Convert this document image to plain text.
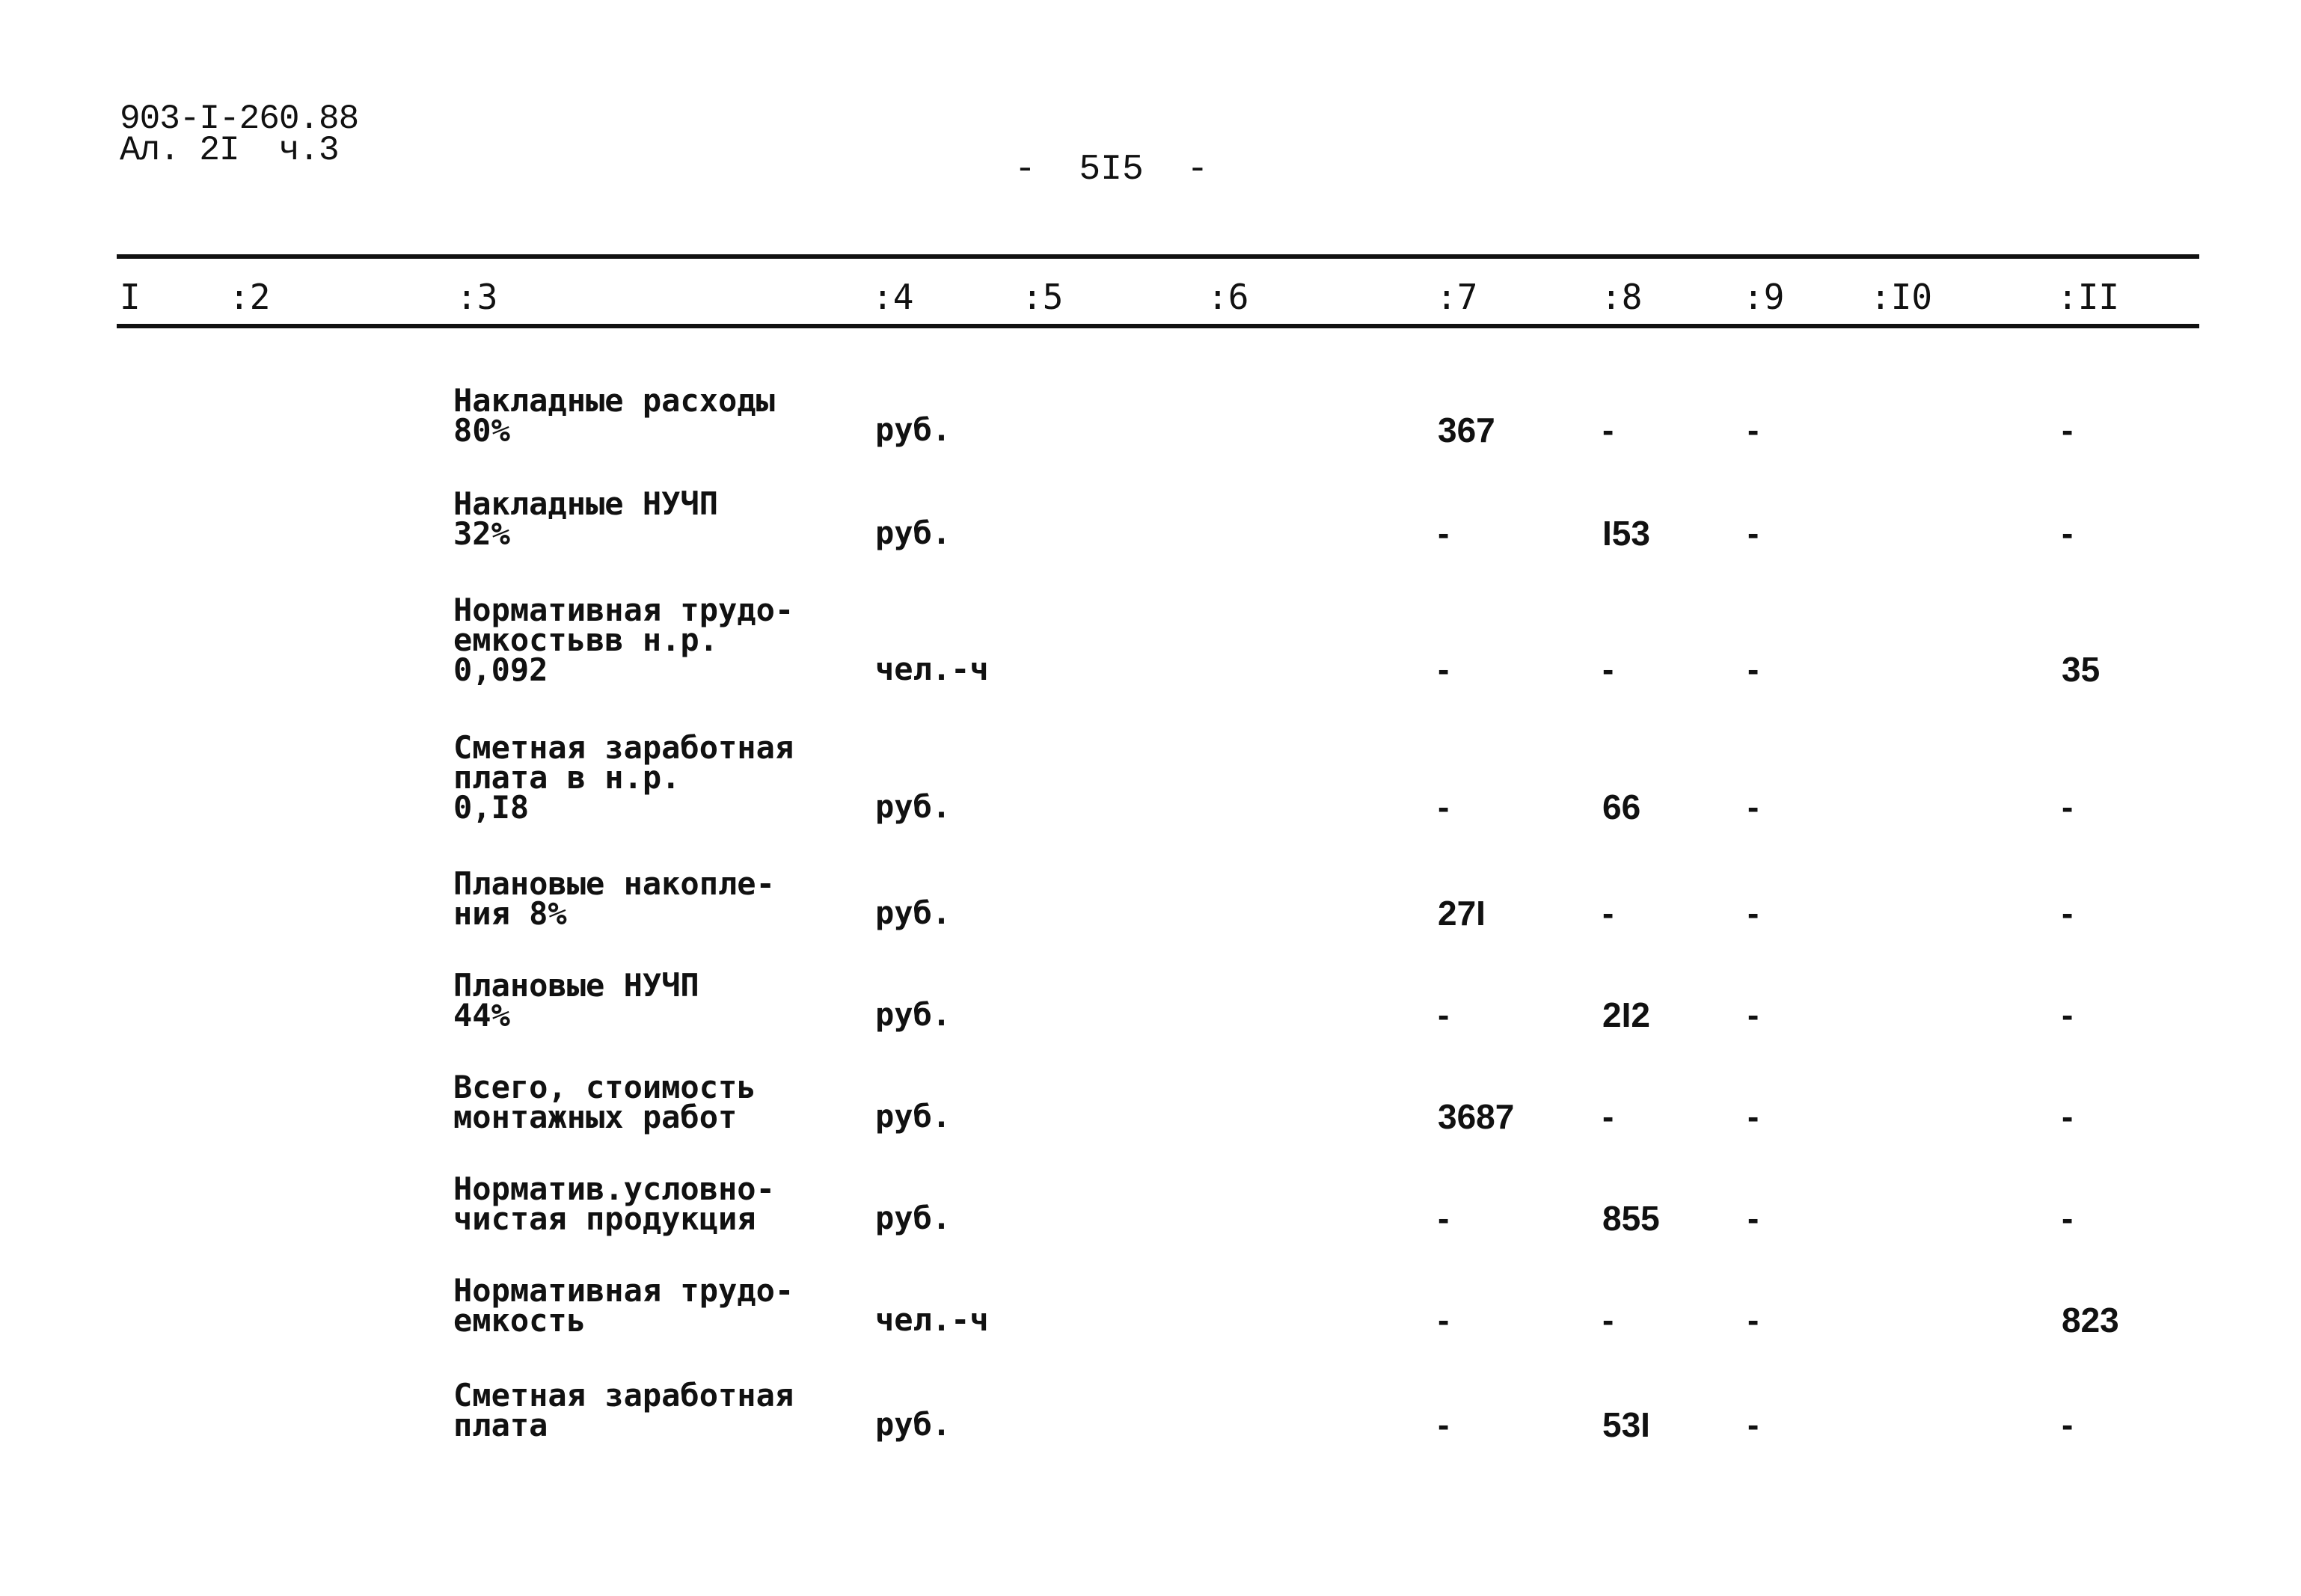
903-I-260.88
Ал. 2I  ч.3	-  5I5  -
I	:2	:3	:4	:5	:6	:7	:8	:9 :I0	:II
Накладные расходы
80%	руб.	367	-	-	-
Накладные НУЧП
32%	руб.	-	I53	-	-
Нормативная трудо-
емкостьвв н.р.
0,092	чел.-ч	-	-	-	35
Сметная заработная
плата в н.р.
0,I8	руб.	-	66	-	-
Плановые накопле-
ния 8%	руб.	27I	-	-	-
Плановые НУЧП
44%	руб.	-	2I2	-	-
Всего, стоимость
монтажных работ	руб.	3687	-	-	-
Норматив.условно-
чистая продукция	руб.	-	855	-	-
Нормативная трудо-
емкость	чел.-ч	-	-	-	823
Сметная заработная
плата	руб.	-	53I	-	-
